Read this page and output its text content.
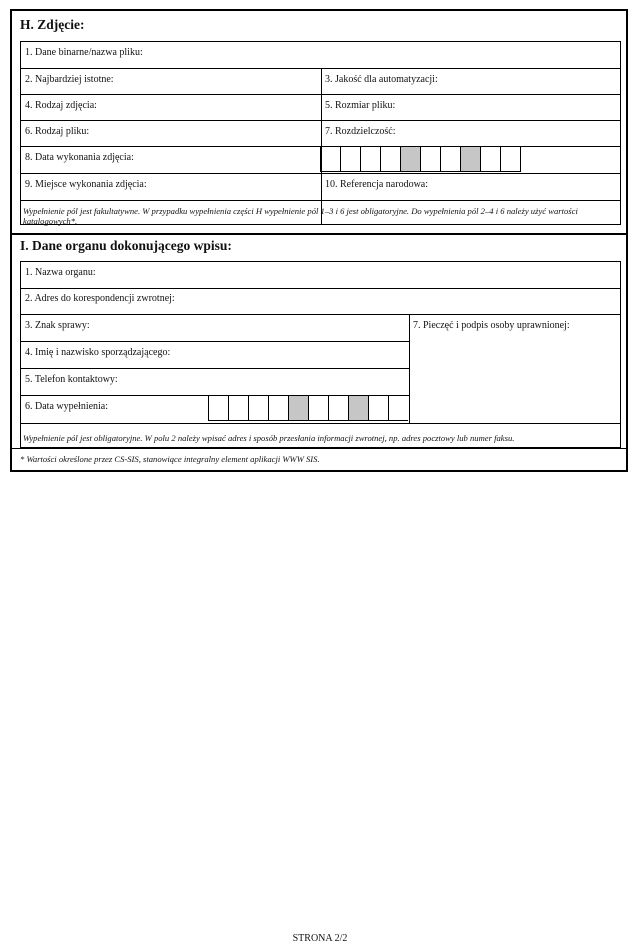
H. Zdjęcie:
1. Dane binarne/nazwa pliku:
2. Najbardziej istotne:	3. Jakość dla automatyzacji:
4. Rodzaj zdjęcia:	5. Rozmiar pliku:
6. Rodzaj pliku:	7. Rozdzielczość:
8. Data wykonania zdjęcia:
9. Miejsce wykonania zdjęcia:	10. Referencja narodowa:
Wypełnienie pól jest fakultatywne. W przypadku wypełnienia części H wypełnienie pól 1–3 i 6 jest obligatoryjne. Do wypełnienia pól 2–4 i 6 należy użyć wartości katalogowych*.
I. Dane organu dokonującego wpisu:
1. Nazwa organu:
2. Adres do korespondencji zwrotnej:
3. Znak sprawy:	7. Pieczęć i podpis osoby uprawnionej:
4. Imię i nazwisko sporządzającego:
5. Telefon kontaktowy:
6. Data wypełnienia:
Wypełnienie pól jest obligatoryjne. W polu 2 należy wpisać adres i sposób przesłania informacji zwrotnej, np. adres pocztowy lub numer faksu.
* Wartości określone przez CS-SIS, stanowiące integralny element aplikacji WWW SIS.
STRONA 2/2
